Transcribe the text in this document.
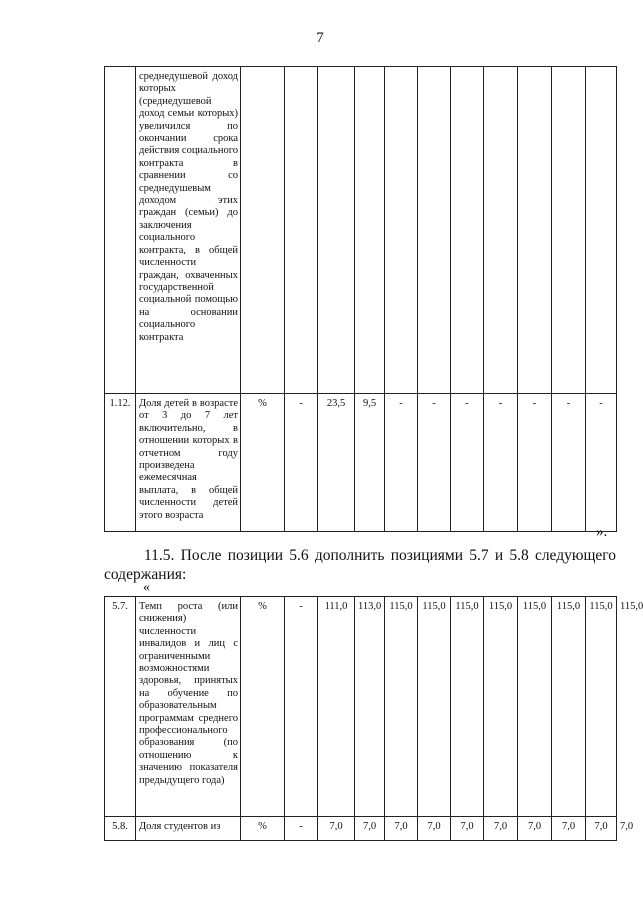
7
	среднедушевой доход которых (среднедушевой доход семьи которых) увеличился по окончании срока действия социального контракта в сравнении со среднедушевым доходом этих граждан (семьи) до заключения социального контракта, в общей численности граждан, охваченных государственной социальной помощью на основании социального контракта											
1.12.	Доля детей в возрасте от 3 до 7 лет включительно, в отношении которых в отчетном году произведена ежемесячная выплата, в общей численности детей этого возраста	%	-	23,5	9,5	-	-	-	-	-	-	-
».
11.5. После позиции 5.6 дополнить позициями 5.7 и 5.8 следующего
содержания:
«
5.7.	Темп роста (или снижения) численности инвалидов и лиц с ограниченными возможностями здоровья, принятых на обучение по образовательным программам среднего профессионального образования (по отношению к значению показателя предыдущего года)	%	-	111,0	113,0	115,0	115,0	115,0	115,0	115,0	115,0	115,0	115,0
5.8.	Доля студентов из	%	-	7,0	7,0	7,0	7,0	7,0	7,0	7,0	7,0	7,0	7,0
